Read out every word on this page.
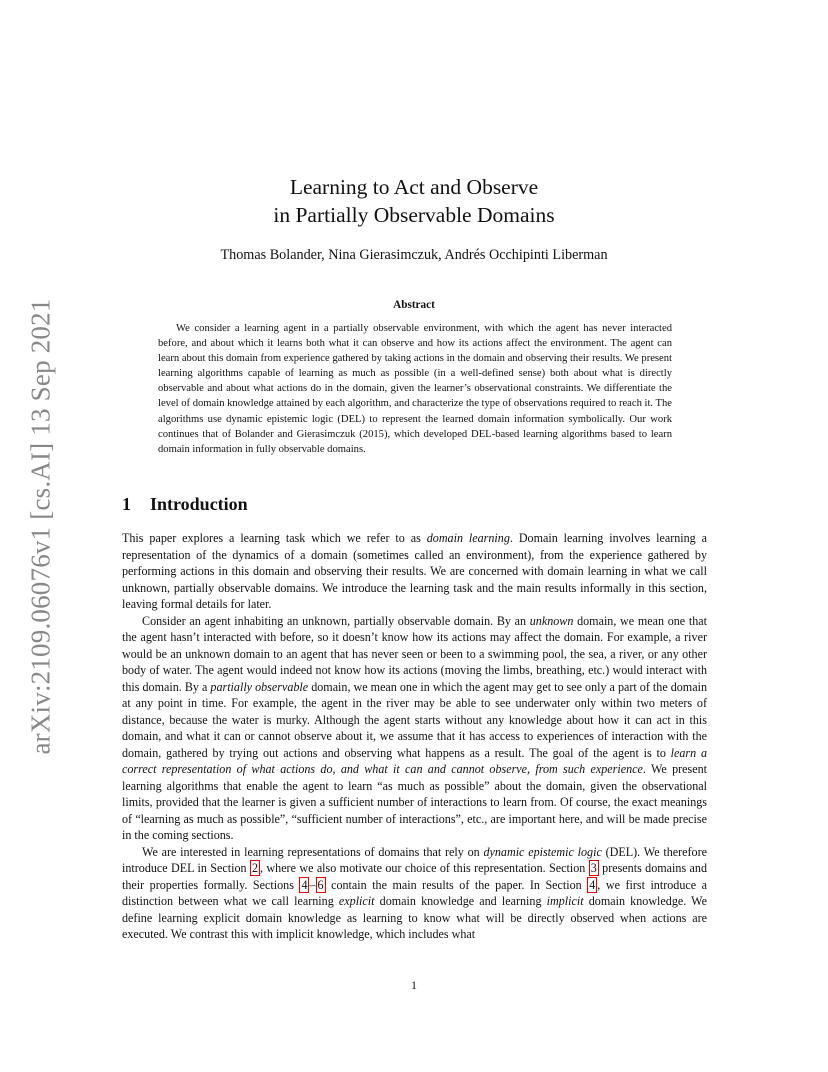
arXiv:2109.06076v1 [cs.AI] 13 Sep 2021
Learning to Act and Observe
in Partially Observable Domains
Thomas Bolander, Nina Gierasimczuk, Andrés Occhipinti Liberman
Abstract

We consider a learning agent in a partially observable environment, with which the agent has never interacted before, and about which it learns both what it can observe and how its actions affect the environment. The agent can learn about this domain from experience gathered by taking actions in the domain and observing their results. We present learning algorithms capable of learning as much as possible (in a well-defined sense) both about what is directly observable and about what actions do in the domain, given the learner’s observational constraints. We differentiate the level of domain knowledge attained by each algorithm, and characterize the type of observations required to reach it. The algorithms use dynamic epistemic logic (DEL) to represent the learned domain information symbolically. Our work continues that of Bolander and Gierasimczuk (2015), which developed DEL-based learning algorithms based to learn domain information in fully observable domains.

1 Introduction

This paper explores a learning task which we refer to as domain learning. Domain learning involves learning a representation of the dynamics of a domain (sometimes called an environment), from the experience gathered by performing actions in this domain and observing their results. We are concerned with domain learning in what we call unknown, partially observable domains. We introduce the learning task and the main results informally in this section, leaving formal details for later.

Consider an agent inhabiting an unknown, partially observable domain. By an unknown domain, we mean one that the agent hasn’t interacted with before, so it doesn’t know how its actions may affect the domain. For example, a river would be an unknown domain to an agent that has never seen or been to a swimming pool, the sea, a river, or any other body of water. The agent would indeed not know how its actions (moving the limbs, breathing, etc.) would interact with this domain. By a partially observable domain, we mean one in which the agent may get to see only a part of the domain at any point in time. For example, the agent in the river may be able to see underwater only within two meters of distance, because the water is murky. Although the agent starts without any knowledge about how it can act in this domain, and what it can or cannot observe about it, we assume that it has access to experiences of interaction with the domain, gathered by trying out actions and observing what happens as a result. The goal of the agent is to learn a correct representation of what actions do, and what it can and cannot observe, from such experience. We present learning algorithms that enable the agent to learn “as much as possible” about the domain, given the observational limits, provided that the learner is given a sufficient number of interactions to learn from. Of course, the exact meanings of “learning as much as possible”, “sufficient number of interactions”, etc., are important here, and will be made precise in the coming sections.

We are interested in learning representations of domains that rely on dynamic epistemic logic (DEL). We therefore introduce DEL in Section 2 , where we also motivate our choice of this representation. Section 3 presents domains and their properties formally. Sections 4 – 6 contain the main results of the paper. In Section 4 , we first introduce a distinction between what we call learning explicit domain knowledge and learning implicit domain knowledge. We define learning explicit domain knowledge as learning to know what will be directly observed when actions are executed. We contrast this with implicit knowledge, which includes what

1
